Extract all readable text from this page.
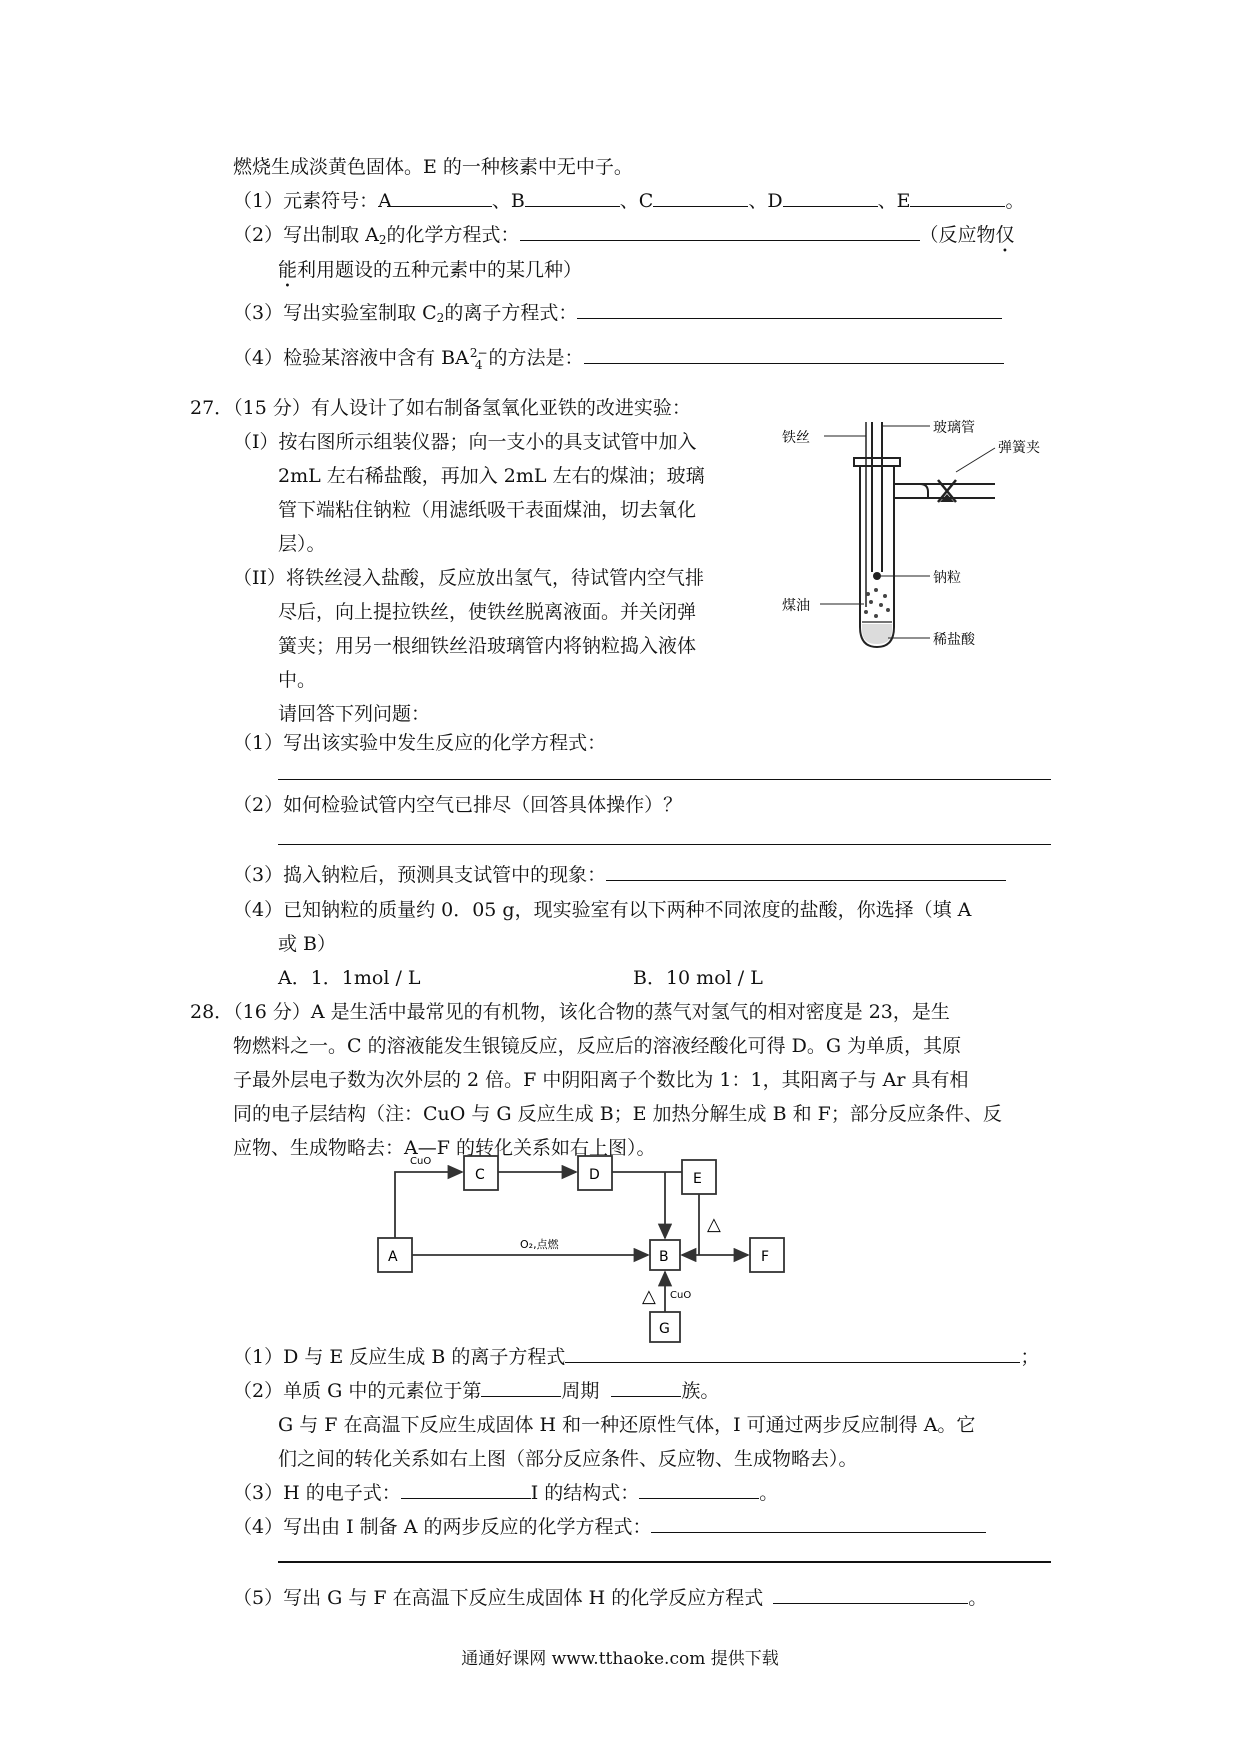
燃烧生成淡黄色固体。E 的一种核素中无中子。
（1）元素符号：A	、B	、C	、D	、E	。
（2）写出制取 $A_2$的化学方程式：	（反应物仅
能利用题设的五种元素中的某几种）
（3）写出实验室制取 $C_2$的离子方程式：
（4）检验某溶液中含有 BA 2−
4 的方法是：
27．（15 分）有人设计了如右制备氢氧化亚铁的改进实验：
（I）按右图所示组装仪器；向一支小的具支试管中加入
2mL 左右稀盐酸，再加入 2mL 左右的煤油；玻璃
管下端粘住钠粒（用滤纸吸干表面煤油，切去氧化
层）。
（II）将铁丝浸入盐酸，反应放出氢气，待试管内空气排
尽后，向上提拉铁丝，使铁丝脱离液面。并关闭弹
簧夹；用另一根细铁丝沿玻璃管内将钠粒捣入液体
中。
请回答下列问题：
铁丝
玻璃管
弹簧夹
钠粒
煤油
稀盐酸
（1）写出该实验中发生反应的化学方程式：
（2）如何检验试管内空气已排尽（回答具体操作）？
（3）捣入钠粒后，预测具支试管中的现象：
（4）已知钠粒的质量约 0．05 g，现实验室有以下两种不同浓度的盐酸，你选择（填 A
或 B）
A．1．1mol / L	B．10 mol / L
28．（16 分）A 是生活中最常见的有机物，该化合物的蒸气对氢气的相对密度是 23，是生
物燃料之一。C 的溶液能发生银镜反应，反应后的溶液经酸化可得 D。G 为单质，其原
子最外层电子数为次外层的 2 倍。F 中阴阳离子个数比为 1：1，其阳离子与 Ar 具有相
同的电子层结构（注：CuO 与 G 反应生成 B；E 加热分解生成 B 和 F；部分反应条件、反
应物、生成物略去：A—F 的转化关系如右上图）。
A
C	D	E
B	F
G
CuO
O₂,点燃
△
△ CuO
（1）D 与 E 反应生成 B 的离子方程式	；
（2）单质 G 中的元素位于第	周期	族。
G 与 F 在高温下反应生成固体 H 和一种还原性气体，I 可通过两步反应制得 A。它
们之间的转化关系如右上图（部分反应条件、反应物、生成物略去）。
（3）H 的电子式：	I 的结构式：	。
（4）写出由 I 制备 A 的两步反应的化学方程式：
（5）写出 G 与 F 在高温下反应生成固体 H 的化学反应方程式	。
通通好课网 www.tthaoke.com 提供下载
